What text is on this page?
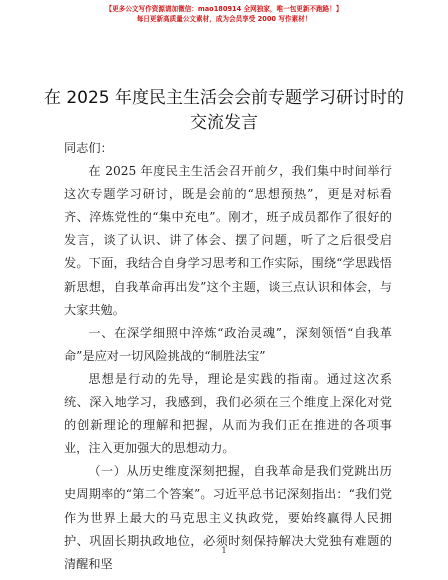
【更多公文写作资源请加微信：mao180914 全网独家，唯一包更新不跑路！】
每日更新高质量公文素材，成为会员享受 2000 写作素材！
在 2025 年度民主生活会会前专题学习研讨时的
交流发言

同志们：

在 2025 年度民主生活会召开前夕，我们集中时间举行这次专题学习研讨，既是会前的“思想预热”，更是对标看齐、淬炼党性的“集中充电”。刚才，班子成员都作了很好的发言，谈了认识、讲了体会、摆了问题，听了之后很受启发。下面，我结合自身学习思考和工作实际，围绕“学思践悟新思想，自我革命再出发”这个主题，谈三点认识和体会，与大家共勉。

一、在深学细照中淬炼“政治灵魂”，深刻领悟“自我革命”是应对一切风险挑战的“制胜法宝”

思想是行动的先导，理论是实践的指南。通过这次系统、深入地学习，我感到，我们必须在三个维度上深化对党的创新理论的理解和把握，从而为我们正在推进的各项事业，注入更加强大的思想动力。

（一）从历史维度深刻把握，自我革命是我们党跳出历史周期率的“第二个答案”。习近平总书记深刻指出：“我们党作为世界上最大的马克思主义执政党，要始终赢得人民拥护、巩固长期执政地位，必须时刻保持解决大党独有难题的清醒和坚

1
